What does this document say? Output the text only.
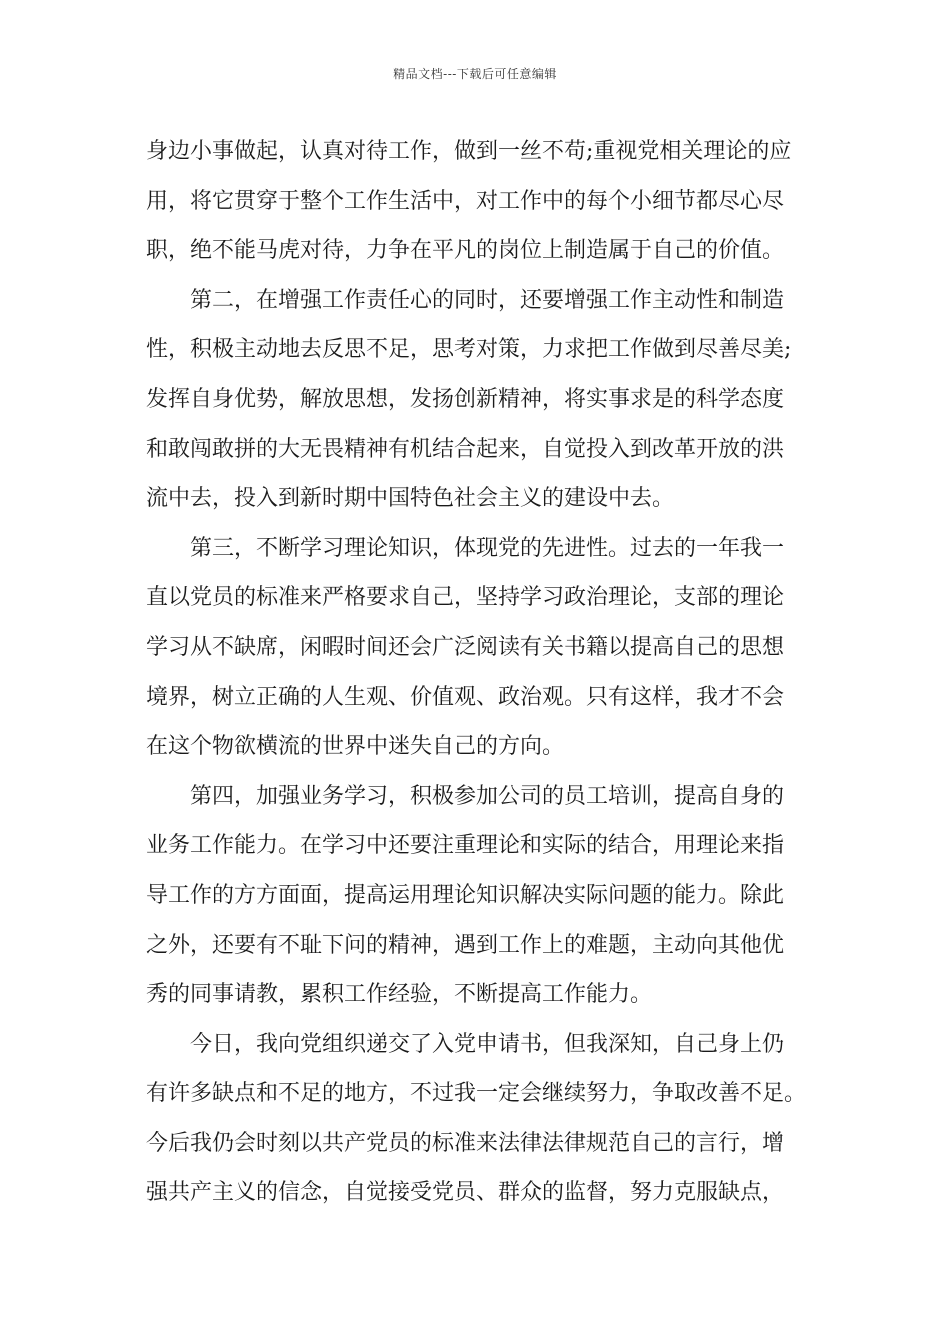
精品文档---下载后可任意编辑
身边小事做起，认真对待工作，做到一丝不苟;重视党相关理论的应
用，将它贯穿于整个工作生活中，对工作中的每个小细节都尽心尽
职，绝不能马虎对待，力争在平凡的岗位上制造属于自己的价值。
第二，在增强工作责任心的同时，还要增强工作主动性和制造
性，积极主动地去反思不足，思考对策，力求把工作做到尽善尽美;
发挥自身优势，解放思想，发扬创新精神，将实事求是的科学态度
和敢闯敢拼的大无畏精神有机结合起来，自觉投入到改革开放的洪
流中去，投入到新时期中国特色社会主义的建设中去。
第三，不断学习理论知识，体现党的先进性。过去的一年我一
直以党员的标准来严格要求自己，坚持学习政治理论，支部的理论
学习从不缺席，闲暇时间还会广泛阅读有关书籍以提高自己的思想
境界，树立正确的人生观、价值观、政治观。只有这样，我才不会
在这个物欲横流的世界中迷失自己的方向。
第四，加强业务学习，积极参加公司的员工培训，提高自身的
业务工作能力。在学习中还要注重理论和实际的结合，用理论来指
导工作的方方面面，提高运用理论知识解决实际问题的能力。除此
之外，还要有不耻下问的精神，遇到工作上的难题，主动向其他优
秀的同事请教，累积工作经验，不断提高工作能力。
今日，我向党组织递交了入党申请书，但我深知，自己身上仍
有许多缺点和不足的地方，不过我一定会继续努力，争取改善不足。
今后我仍会时刻以共产党员的标准来法律法律规范自己的言行，增
强共产主义的信念，自觉接受党员、群众的监督，努力克服缺点，
